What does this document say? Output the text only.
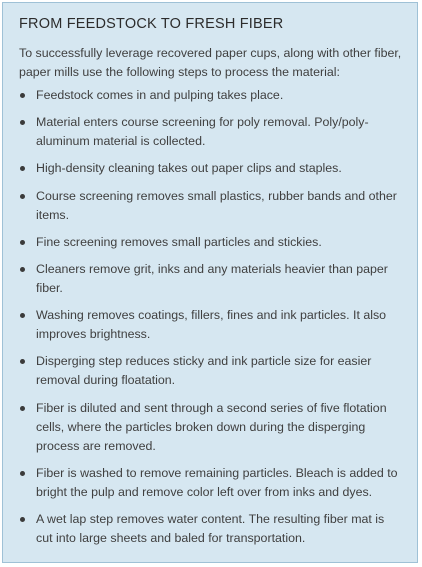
FROM FEEDSTOCK TO FRESH FIBER

To successfully leverage recovered paper cups, along with other fiber, paper mills use the following steps to process the material:

Feedstock comes in and pulping takes place.
Material enters course screening for poly removal. Poly/poly-aluminum material is collected.
High-density cleaning takes out paper clips and staples.
Course screening removes small plastics, rubber bands and other items.
Fine screening removes small particles and stickies.
Cleaners remove grit, inks and any materials heavier than paper fiber.
Washing removes coatings, fillers, fines and ink particles. It also improves brightness.
Disperging step reduces sticky and ink particle size for easier removal during floatation.
Fiber is diluted and sent through a second series of five flotation cells, where the particles broken down during the disperging process are removed.
Fiber is washed to remove remaining particles. Bleach is added to bright the pulp and remove color left over from inks and dyes.
A wet lap step removes water content. The resulting fiber mat is cut into large sheets and baled for transportation.
